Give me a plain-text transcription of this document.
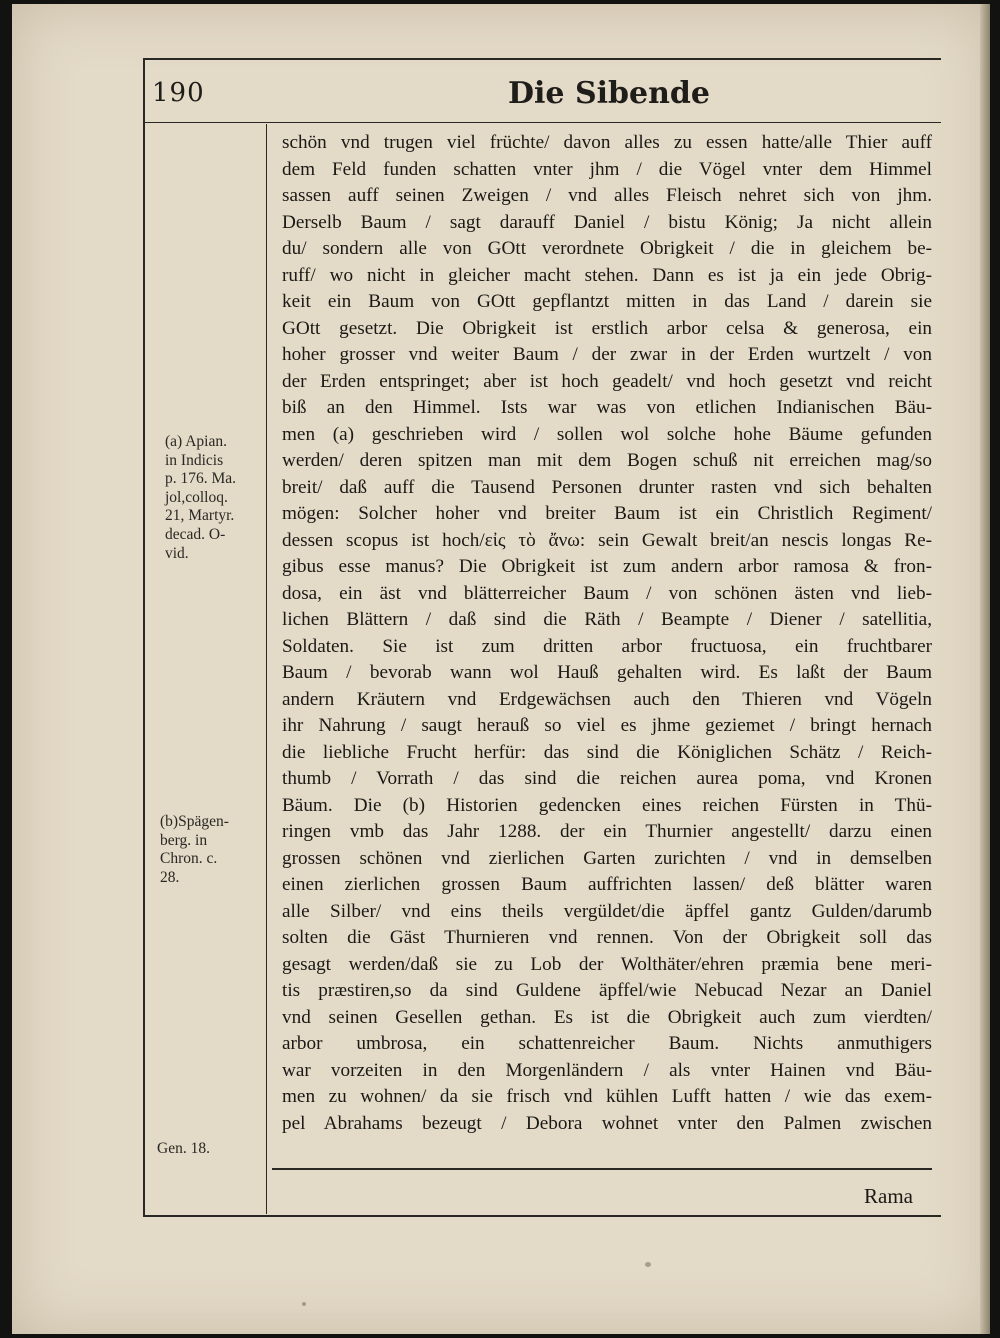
190	Die Sibende
(a) Apian.
in Indicis
p. 176. Ma.
jol,colloq.
21, Martyr.
decad. O-
vid.
(b)Spägen-
berg. in
Chron. c.
28.
Gen. 18.
schön vnd trugen viel früchte/ davon alles zu essen hatte/alle Thier auff
dem Feld funden schatten vnter jhm / die Vögel vnter dem Himmel
sassen auff seinen Zweigen / vnd alles Fleisch nehret sich von jhm.
Derselb Baum / sagt darauff Daniel / bistu König; Ja nicht allein
du/ sondern alle von GOtt verordnete Obrigkeit / die in gleichem be-
ruff/ wo nicht in gleicher macht stehen. Dann es ist ja ein jede Obrig-
keit ein Baum von GOtt gepflantzt mitten in das Land / darein sie
GOtt gesetzt. Die Obrigkeit ist erstlich arbor celsa & generosa, ein
hoher grosser vnd weiter Baum / der zwar in der Erden wurtzelt / von
der Erden entspringet; aber ist hoch geadelt/ vnd hoch gesetzt vnd reicht
biß an den Himmel. Ists war was von etlichen Indianischen Bäu-
men (a) geschrieben wird / sollen wol solche hohe Bäume gefunden
werden/ deren spitzen man mit dem Bogen schuß nit erreichen mag/so
breit/ daß auff die Tausend Personen drunter rasten vnd sich behalten
mögen: Solcher hoher vnd breiter Baum ist ein Christlich Regiment/
dessen scopus ist hoch/εἰς τὸ ἄνω: sein Gewalt breit/an nescis longas Re-
gibus esse manus? Die Obrigkeit ist zum andern arbor ramosa & fron-
dosa, ein äst vnd blätterreicher Baum / von schönen ästen vnd lieb-
lichen Blättern / daß sind die Räth / Beampte / Diener / satellitia,
Soldaten. Sie ist zum dritten arbor fructuosa, ein fruchtbarer
Baum / bevorab wann wol Hauß gehalten wird. Es laßt der Baum
andern Kräutern vnd Erdgewächsen auch den Thieren vnd Vögeln
ihr Nahrung / saugt herauß so viel es jhme geziemet / bringt hernach
die liebliche Frucht herfür: das sind die Königlichen Schätz / Reich-
thumb / Vorrath / das sind die reichen aurea poma, vnd Kronen
Bäum. Die (b) Historien gedencken eines reichen Fürsten in Thü-
ringen vmb das Jahr 1288. der ein Thurnier angestellt/ darzu einen
grossen schönen vnd zierlichen Garten zurichten / vnd in demselben
einen zierlichen grossen Baum auffrichten lassen/ deß blätter waren
alle Silber/ vnd eins theils vergüldet/die äpffel gantz Gulden/darumb
solten die Gäst Thurnieren vnd rennen. Von der Obrigkeit soll das
gesagt werden/daß sie zu Lob der Wolthäter/ehren præmia bene meri-
tis præstiren,so da sind Guldene äpffel/wie Nebucad Nezar an Daniel
vnd seinen Gesellen gethan. Es ist die Obrigkeit auch zum vierdten/
arbor umbrosa, ein schattenreicher Baum. Nichts anmuthigers
war vorzeiten in den Morgenländern / als vnter Hainen vnd Bäu-
men zu wohnen/ da sie frisch vnd kühlen Lufft hatten / wie das exem-
pel Abrahams bezeugt / Debora wohnet vnter den Palmen zwischen
Rama
